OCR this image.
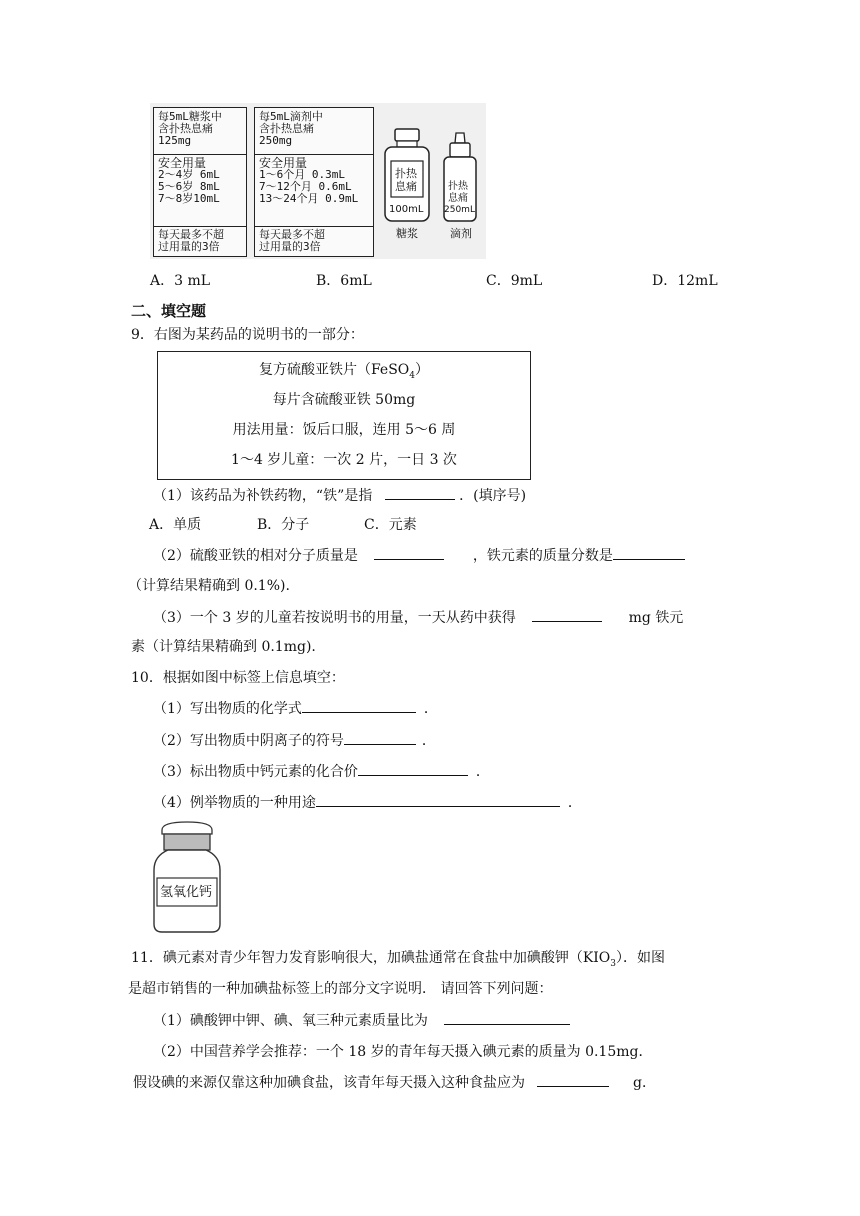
每5mL糖浆中
含扑热息痛
125mg
安全用量
2～4岁 6mL
5～6岁 8mL
7～8岁10mL
每天最多不超
过用量的3倍
每5mL滴剂中
含扑热息痛
250mg
安全用量
1～6个月 0.3mL
7～12个月 0.6mL
13～24个月 0.9mL
每天最多不超
过用量的3倍
扑热
息痛
100mL
糖浆
扑热
息痛
250mL
滴剂
A．3 mL	B．6mL	C．9mL	D．12mL
二、填空题
9．右图为某药品的说明书的一部分：
复方硫酸亚铁片（FeSO$_4$）
每片含硫酸亚铁 50mg
用法用量：饭后口服，连用 5～6 周
1～4 岁儿童：一次 2 片，一日 3 次
（1）该药品为补铁药物，“铁”是指	．(填序号)
A．单质	B．分子	C．元素
（2）硫酸亚铁的相对分子质量是	，铁元素的质量分数是
（计算结果精确到 0.1%).
（3）一个 3 岁的儿童若按说明书的用量，一天从药中获得	mg 铁元
素（计算结果精确到 0.1mg).
10．根据如图中标签上信息填空：
（1）写出物质的化学式	．
（2）写出物质中阴离子的符号	．
（3）标出物质中钙元素的化合价	．
（4）例举物质的一种用途	．
氢氧化钙
11．碘元素对青少年智力发育影响很大，加碘盐通常在食盐中加碘酸钾$(KIO_3)$．如图
是超市销售的一种加碘盐标签上的部分文字说明． 请回答下列问题：
（1）碘酸钾中钾、碘、氧三种元素质量比为
（2）中国营养学会推荐：一个 18 岁的青年每天摄入碘元素的质量为 0.15mg．
假设碘的来源仅靠这种加碘食盐，该青年每天摄入这种食盐应为	g．
